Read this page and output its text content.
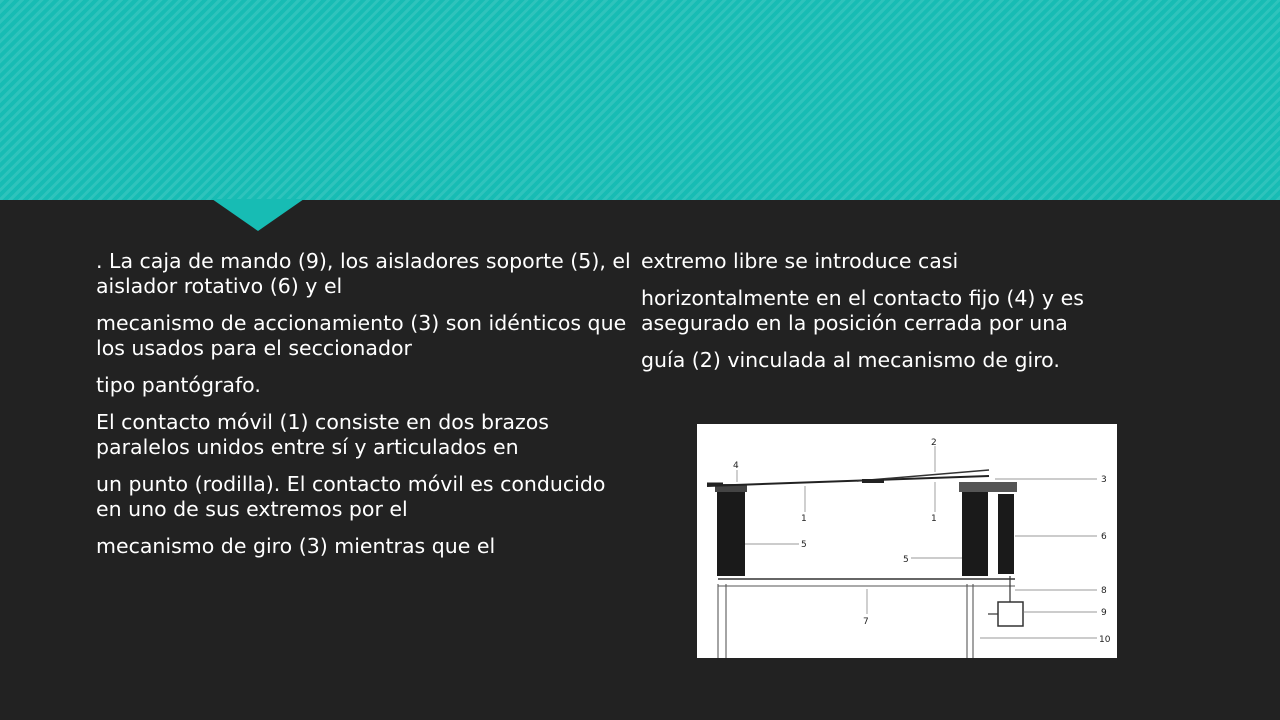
. La caja de mando (9), los aisladores soporte (5), el aislador rotativo (6) y el

mecanismo de accionamiento (3) son idénticos que los usados para el seccionador

tipo pantógrafo.

El contacto móvil (1) consiste en dos brazos paralelos unidos entre sí y articulados en

un punto (rodilla). El contacto móvil es conducido en uno de sus extremos por el

mecanismo de giro (3) mientras que el

extremo libre se introduce casi

horizontalmente en el contacto fijo (4) y es asegurado en la posición cerrada por una

guía (2) vinculada al mecanismo de giro.

4
2
3
1	1
6
5
5
8
7
9
10
